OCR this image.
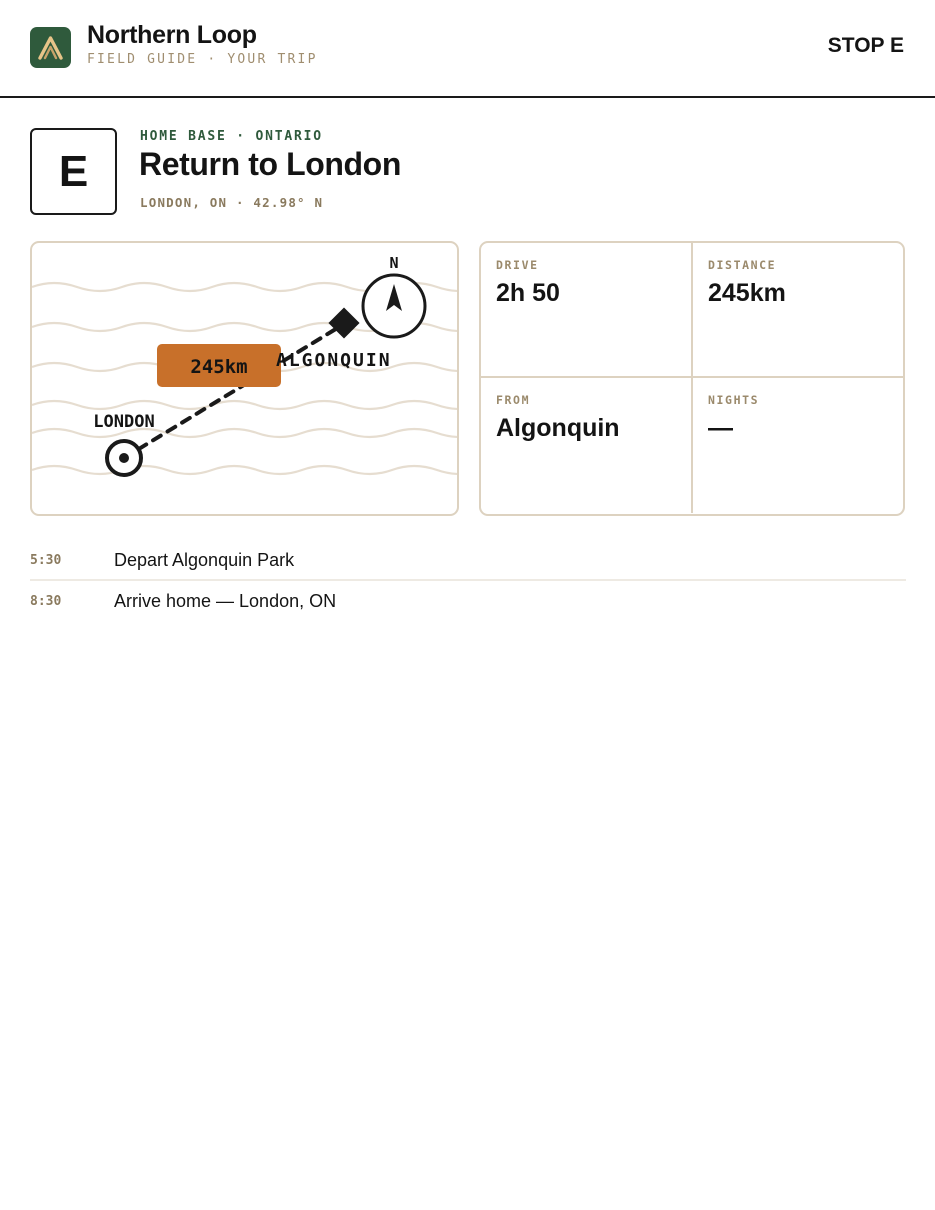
Northern Loop
FIELD GUIDE · YOUR TRIP
STOP E
E
HOME BASE · ONTARIO
Return to London
LONDON, ON · 42.98° N
245km ALGONQUIN
LONDON
N	DRIVE
2h 50
DISTANCE
245km
FROM
Algonquin
NIGHTS
—
5:30	Depart Algonquin Park
8:30	Arrive home — London, ON
